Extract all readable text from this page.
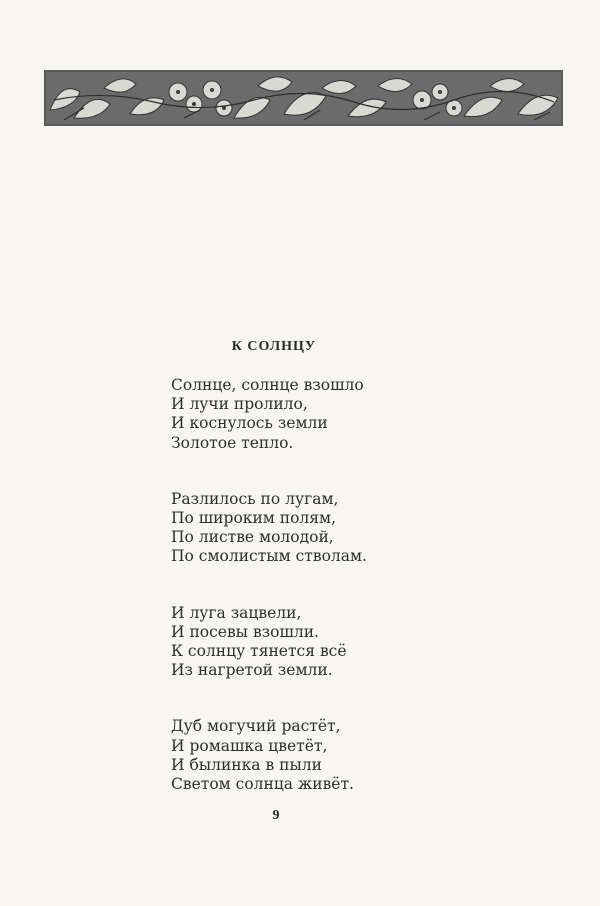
К СОЛНЦУ
Солнце, солнце взошло
И лучи пролило,
И коснулось земли
Золотое тепло.
Разлилось по лугам,
По широким полям,
По листве молодой,
По смолистым стволам.
И луга зацвели,
И посевы взошли.
К солнцу тянется всё
Из нагретой земли.
Дуб могучий растёт,
И ромашка цветёт,
И былинка в пыли
Светом солнца живёт.
9
